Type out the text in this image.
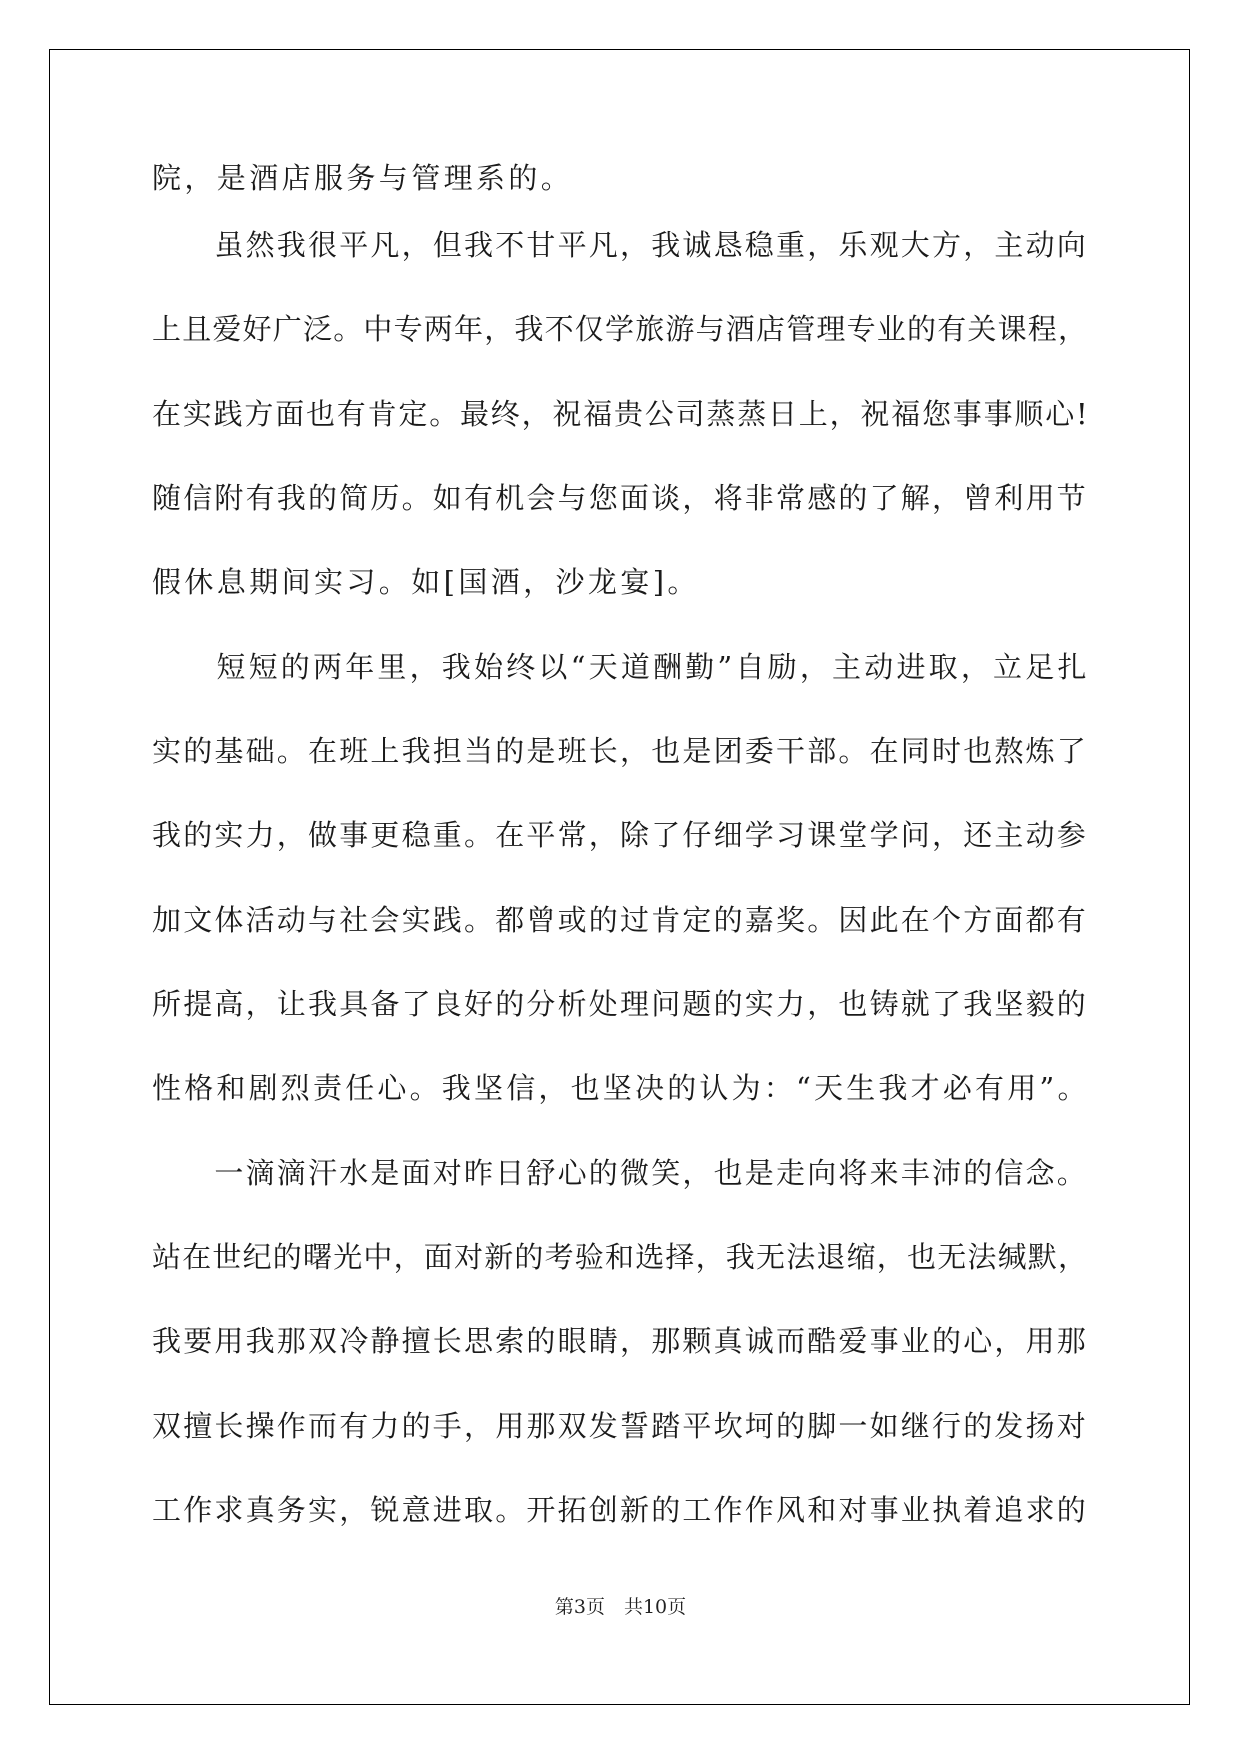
院，是酒店服务与管理系的。
　　虽然我很平凡，但我不甘平凡，我诚恳稳重，乐观大方，主动向
上且爱好广泛。中专两年，我不仅学旅游与酒店管理专业的有关课程，
在实践方面也有肯定。最终，祝福贵公司蒸蒸日上，祝福您事事顺心!
随信附有我的简历。如有机会与您面谈，将非常感的了解，曾利用节
假休息期间实习。如[国酒，沙龙宴]。
　　短短的两年里，我始终以“天道酬勤”自励，主动进取，立足扎
实的基础。在班上我担当的是班长，也是团委干部。在同时也熬炼了
我的实力，做事更稳重。在平常，除了仔细学习课堂学问，还主动参
加文体活动与社会实践。都曾或的过肯定的嘉奖。因此在个方面都有
所提高，让我具备了良好的分析处理问题的实力，也铸就了我坚毅的
性格和剧烈责任心。我坚信，也坚决的认为：“天生我才必有用”。
　　一滴滴汗水是面对昨日舒心的微笑，也是走向将来丰沛的信念。
站在世纪的曙光中，面对新的考验和选择，我无法退缩，也无法缄默，
我要用我那双冷静擅长思索的眼睛，那颗真诚而酷爱事业的心，用那
双擅长操作而有力的手，用那双发誓踏平坎坷的脚一如继行的发扬对
工作求真务实，锐意进取。开拓创新的工作作风和对事业执着追求的
第3页　共10页
